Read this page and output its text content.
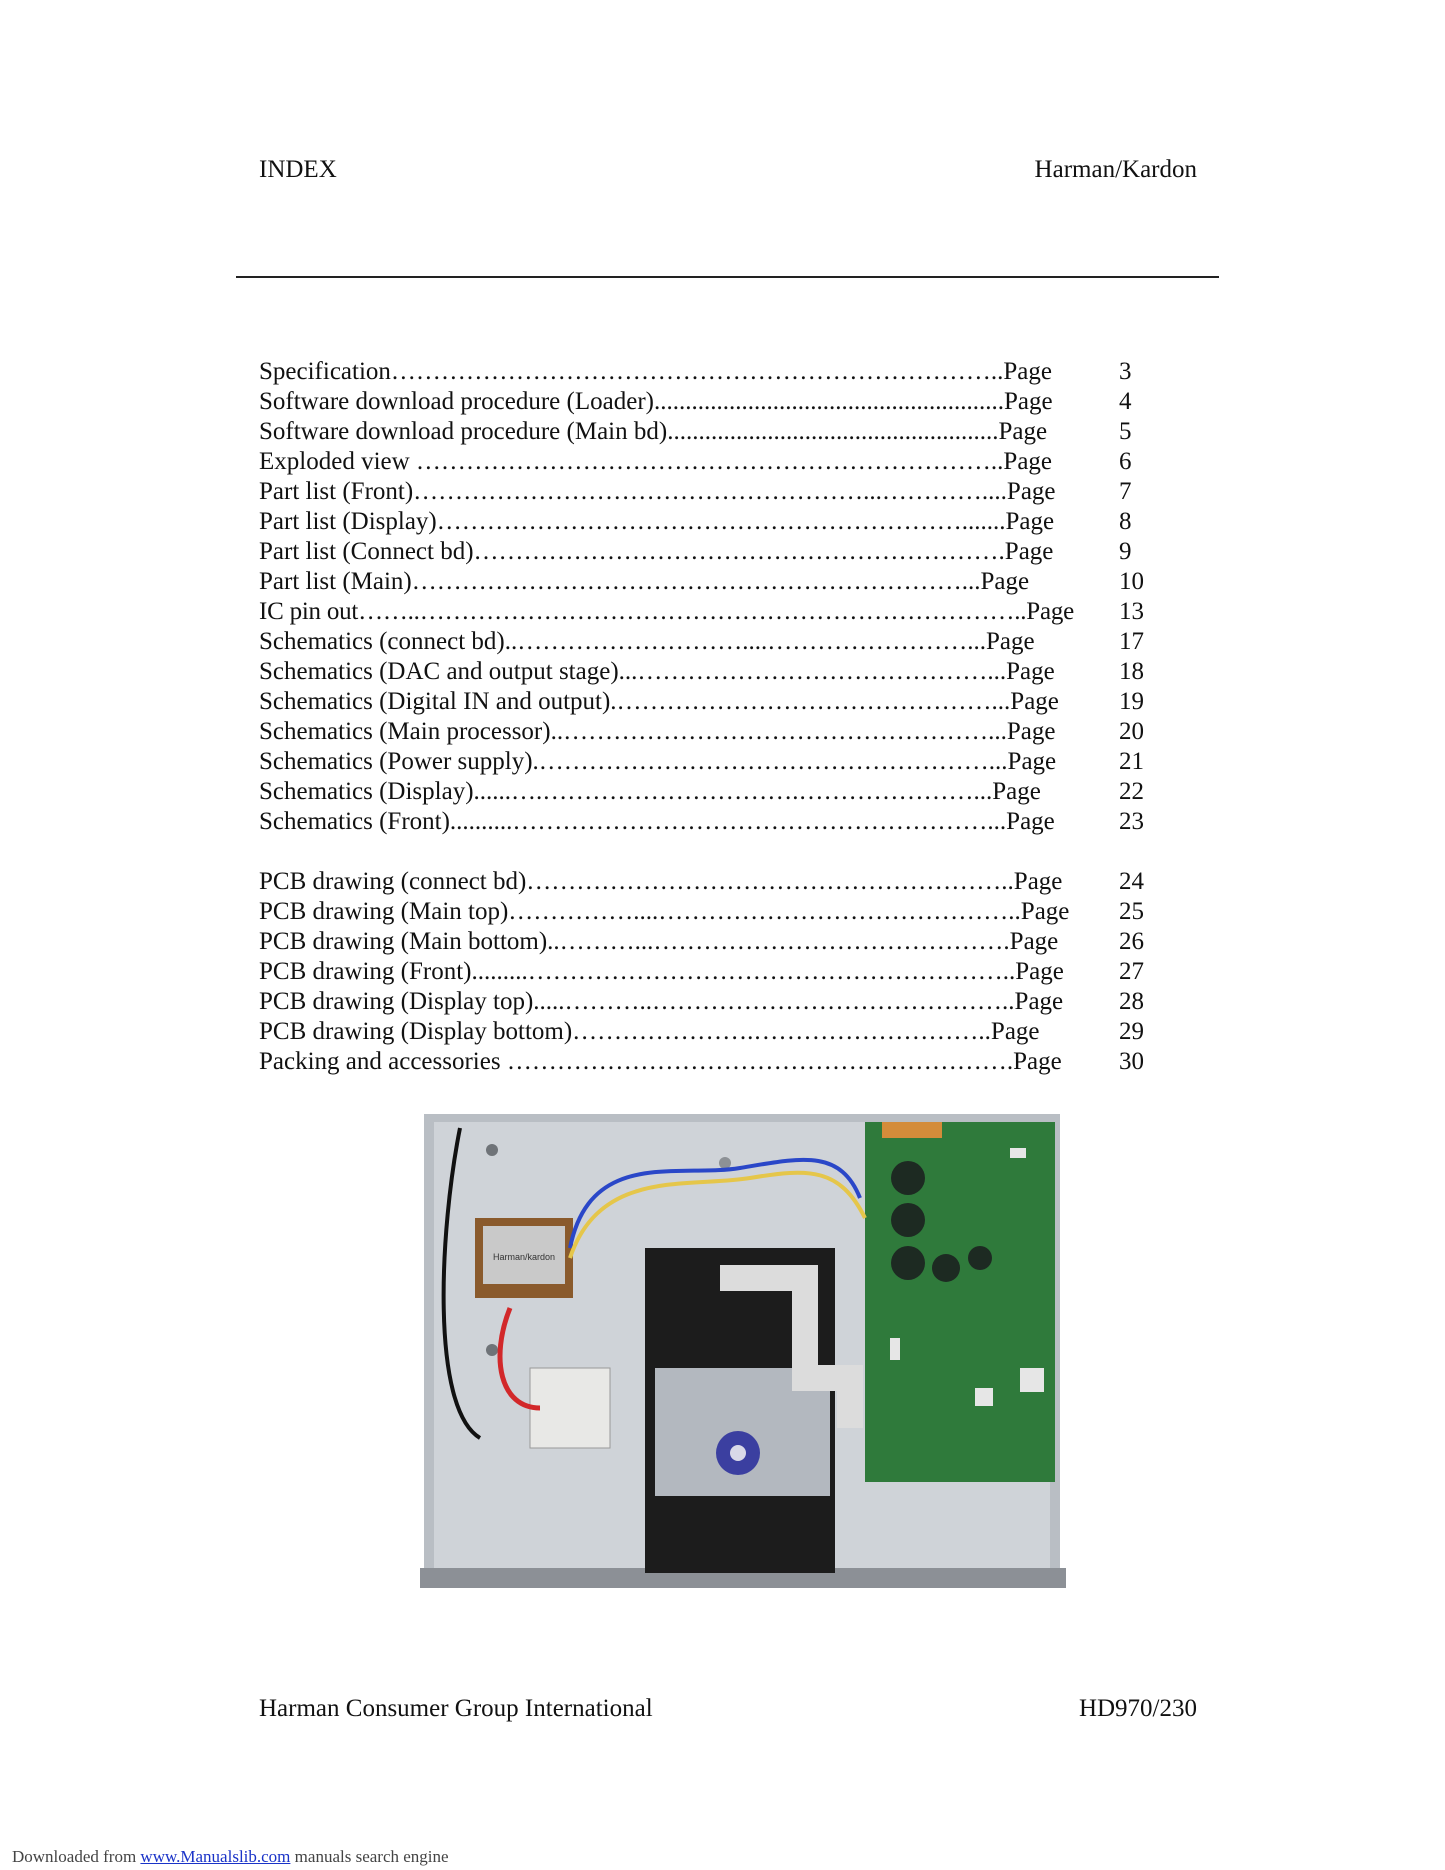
INDEX	Harman/Kardon
Specification………………………………………………………………..Page	3
Software download procedure (Loader)........................................................Page	4
Software download procedure (Main bd).....................................................Page	5
Exploded view ……………………………………………………………..Page	6
Part list (Front)………………………………………………...…………....Page	7
Part list (Display)……………………………………………………….......Page	8
Part list (Connect bd)……………………………………………………….Page	9
Part list (Main)…………………………………………………………...Page	10
IC pin out……..………………………………………………………………..Page 13
Schematics (connect bd)..………………………....……………………...Page	17
Schematics (DAC and output stage)...……………………………………...Page	18
Schematics (Digital IN and output).………………………………………...Page 19
Schematics (Main processor)..……………………………………………...Page	20
Schematics (Power supply).………………………………………………...Page	21
Schematics (Display)......….………………………….…………………...Page	22
Schematics (Front)..........…………………………………………………...Page	23
PCB drawing (connect bd)…………………………………………………..Page 24
PCB drawing (Main top)……………....……………………………………..Page 25
PCB drawing (Main bottom)..………...…………………………………….Page 26
PCB drawing (Front).........…………………………………………………..Page 27
PCB drawing (Display top).....………..……………………………………..Page 28
PCB drawing (Display bottom)………………….………………………..Page	29
Packing and accessories …………………………………………………….Page 30
Harman/kardon
Harman Consumer Group International	HD970/230
Downloaded from www.Manualslib.com manuals search engine
